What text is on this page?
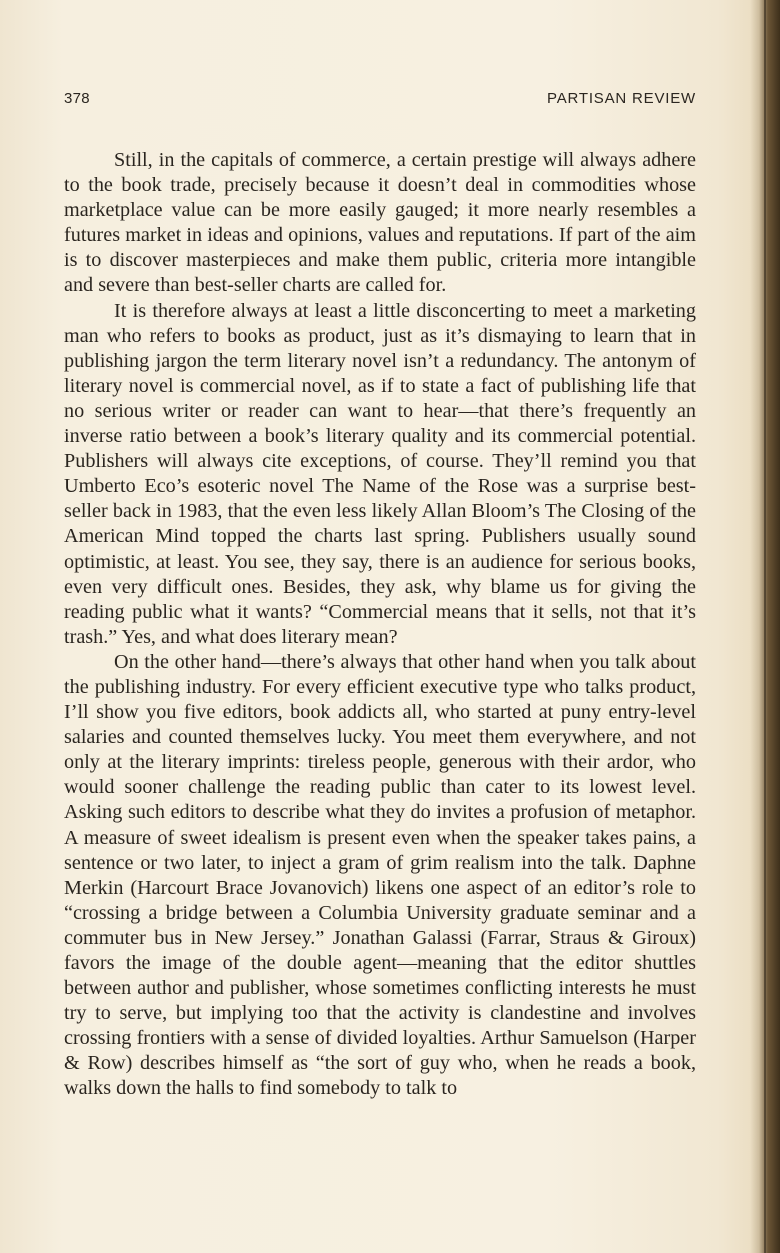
378	PARTISAN REVIEW

Still, in the capitals of commerce, a certain prestige will always adhere to the book trade, precisely because it doesn’t deal in commodities whose marketplace value can be more easily gauged; it more nearly resembles a futures market in ideas and opinions, values and reputations. If part of the aim is to discover masterpieces and make them public, criteria more intangible and severe than best-seller charts are called for.

It is therefore always at least a little disconcerting to meet a marketing man who refers to books as product, just as it’s dismaying to learn that in publishing jargon the term literary novel isn’t a redundancy. The antonym of literary novel is commercial novel, as if to state a fact of publishing life that no serious writer or reader can want to hear—that there’s frequently an inverse ratio between a book’s literary quality and its commercial potential. Publishers will always cite exceptions, of course. They’ll remind you that Umberto Eco’s esoteric novel The Name of the Rose was a surprise best-seller back in 1983, that the even less likely Allan Bloom’s The Closing of the American Mind topped the charts last spring. Publishers usually sound optimistic, at least. You see, they say, there is an audience for serious books, even very difficult ones. Besides, they ask, why blame us for giving the reading public what it wants? “Commercial means that it sells, not that it’s trash.” Yes, and what does literary mean?

On the other hand—there’s always that other hand when you talk about the publishing industry. For every efficient executive type who talks product, I’ll show you five editors, book addicts all, who started at puny entry-level salaries and counted themselves lucky. You meet them everywhere, and not only at the literary imprints: tireless people, generous with their ardor, who would sooner challenge the reading public than cater to its lowest level. Asking such editors to describe what they do invites a profusion of metaphor. A measure of sweet idealism is present even when the speaker takes pains, a sentence or two later, to inject a gram of grim realism into the talk. Daphne Merkin (Harcourt Brace Jovanovich) likens one aspect of an editor’s role to “crossing a bridge between a Columbia University graduate seminar and a commuter bus in New Jersey.” Jonathan Galassi (Farrar, Straus & Giroux) favors the image of the double agent—meaning that the editor shuttles between author and publisher, whose sometimes conflicting interests he must try to serve, but implying too that the activity is clandestine and involves crossing frontiers with a sense of divided loyalties. Arthur Samuelson (Harper & Row) describes himself as “the sort of guy who, when he reads a book, walks down the halls to find somebody to talk to
